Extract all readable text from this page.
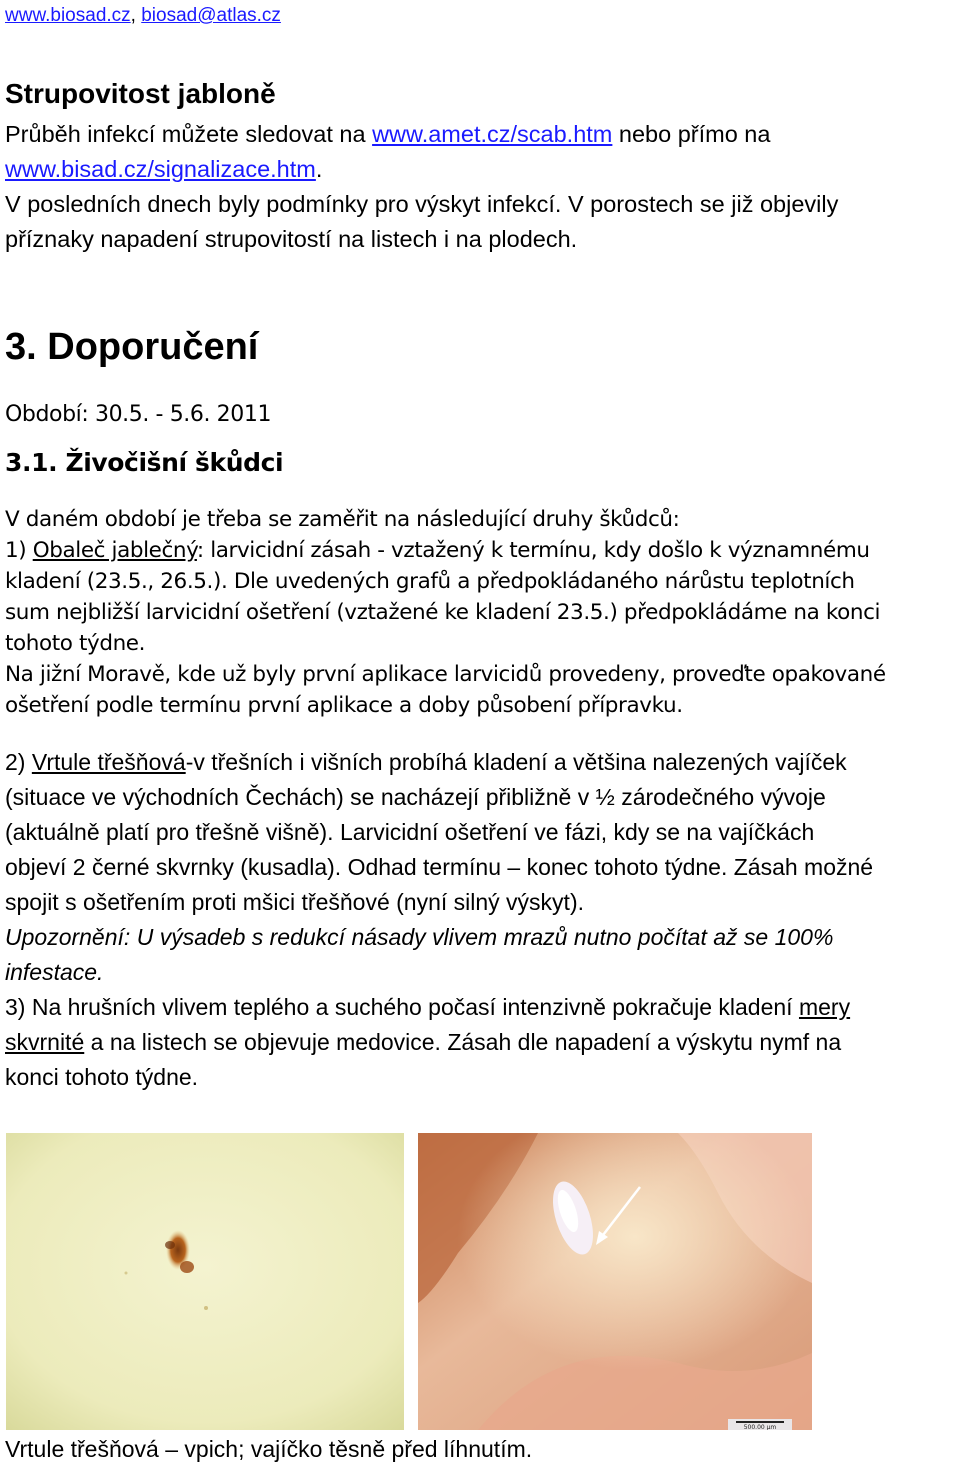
www.biosad.cz, biosad@atlas.cz
Strupovitost jabloně
Průběh infekcí můžete sledovat na www.amet.cz/scab.htm nebo přímo na
www.bisad.cz/signalizace.htm.
V posledních dnech byly podmínky pro výskyt infekcí. V porostech se již objevily
příznaky napadení strupovitostí na listech i na plodech.
3. Doporučení
Období: 30.5. - 5.6. 2011
3.1. Živočišní škůdci
V daném období je třeba se zaměřit na následující druhy škůdců:
1) Obaleč jablečný: larvicidní zásah - vztažený k termínu, kdy došlo k významnému
kladení (23.5., 26.5.). Dle uvedených grafů a předpokládaného nárůstu teplotních
sum nejbližší larvicidní ošetření (vztažené ke kladení 23.5.) předpokládáme na konci
tohoto týdne.
Na jižní Moravě, kde už byly první aplikace larvicidů provedeny, proveďte opakované
ošetření podle termínu první aplikace a doby působení přípravku.
2) Vrtule třešňová-v třešních i višních probíhá kladení a většina nalezených vajíček
(situace ve východních Čechách) se nacházejí přibližně v ½ zárodečného vývoje
(aktuálně platí pro třešně višně). Larvicidní ošetření ve fázi, kdy se na vajíčkách
objeví 2 černé skvrnky (kusadla). Odhad termínu – konec tohoto týdne. Zásah možné
spojit s ošetřením proti mšici třešňové (nyní silný výskyt).
Upozornění: U výsadeb s redukcí násady vlivem mrazů nutno počítat až se 100%
infestace.
3) Na hrušních vlivem teplého a suchého počasí intenzivně pokračuje kladení mery
skvrnité a na listech se objevuje medovice. Zásah dle napadení a výskytu nymf na
konci tohoto týdne.
500.00 µm
Vrtule třešňová – vpich; vajíčko těsně před líhnutím.
